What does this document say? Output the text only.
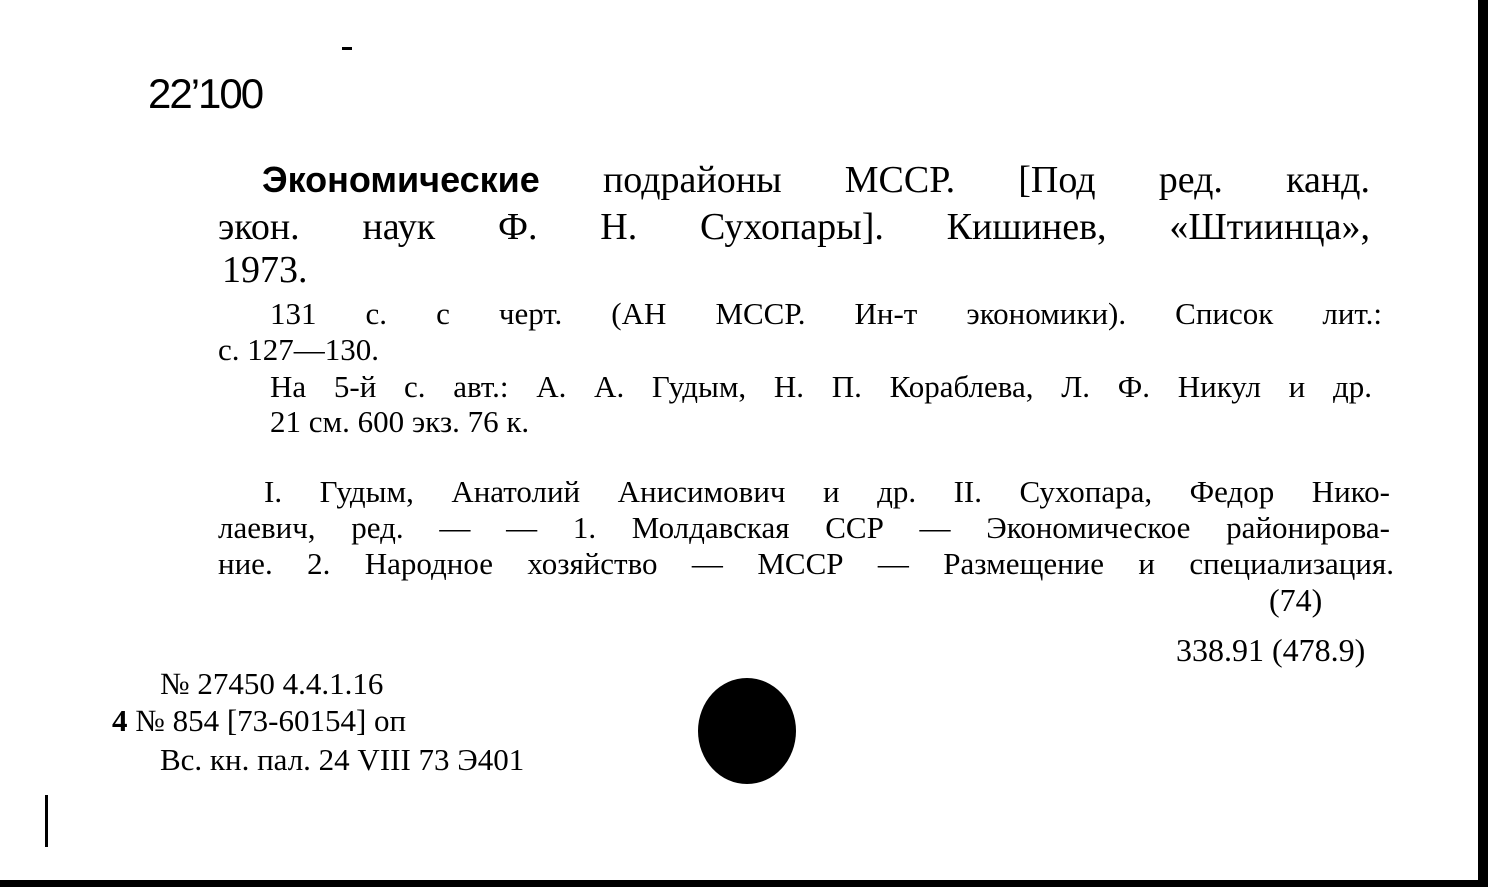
22’100
Экономические подрайоны МССР. [Под ред. канд.
экон. наук Ф. Н. Сухопары]. Кишинев, «Штиинца»,
1973.
131 с. с черт. (АН МССР. Ин-т экономики). Список лит.:
с. 127—130.
На 5-й с. авт.: А. А. Гудым, Н. П. Кораблева, Л. Ф. Никул и др.
21 см. 600 экз. 76 к.
I. Гудым, Анатолий Анисимович и др. II. Сухопара, Федор Нико-
лаевич, ред. — — 1. Молдавская ССР — Экономическое районирова-
ние. 2. Народное хозяйство — МССР — Размещение и специализация.
(74)
338.91 (478.9)
№ 27450 4.4.1.16
4 № 854 [73-60154] оп
Вс. кн. пал. 24 VIII 73 Э401
